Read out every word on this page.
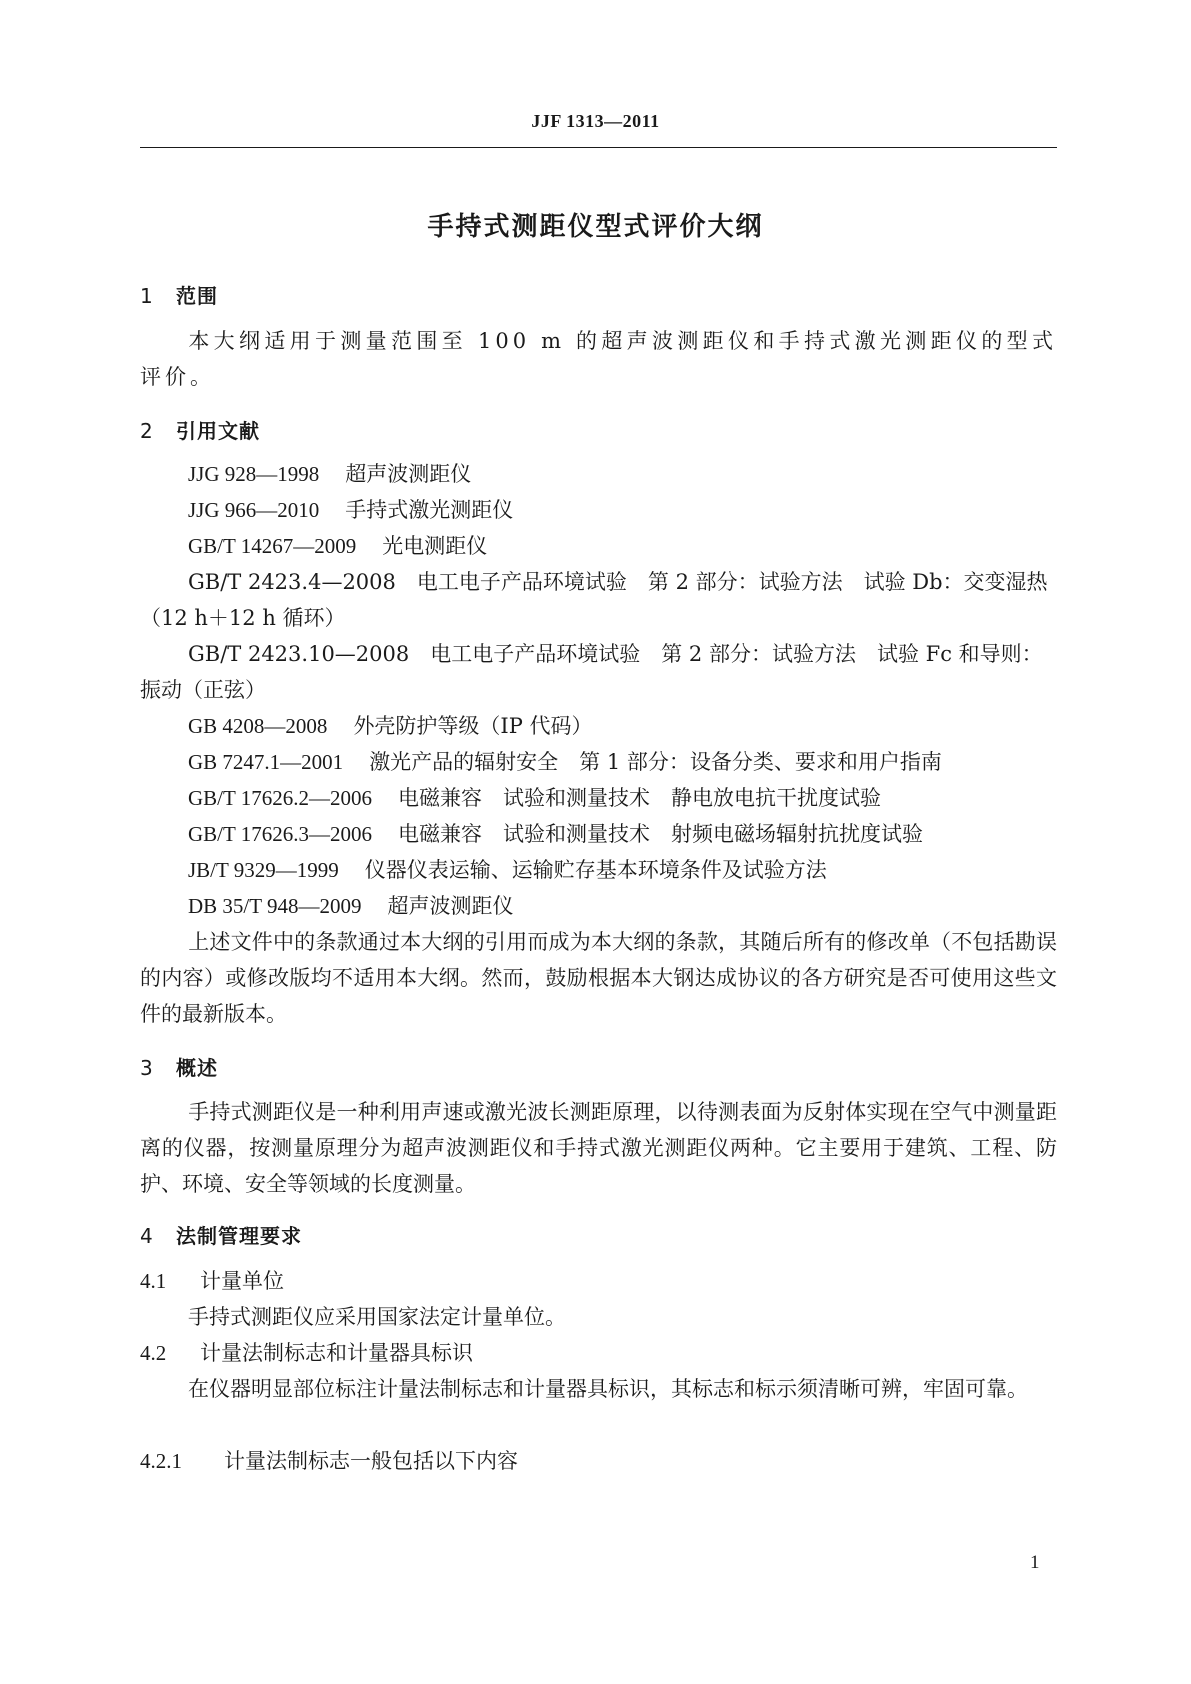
JJF 1313—2011
手持式测距仪型式评价大纲
1 范围
本大纲适用于测量范围至 100 m 的超声波测距仪和手持式激光测距仪的型式评价。
2 引用文献
JJG 928—1998 超声波测距仪
JJG 966—2010 手持式激光测距仪
GB/T 14267—2009 光电测距仪
GB/T 2423.4—2008　 电工电子产品环境试验　第 2 部分：试验方法　试验 Db：交变湿热（12 h＋12 h 循环）
GB/T 2423.10—2008　 电工电子产品环境试验　第 2 部分：试验方法　试验 Fc 和导则：振动（正弦）
GB 4208—2008 外壳防护等级（IP 代码）
GB 7247.1—2001 激光产品的辐射安全　第 1 部分：设备分类、要求和用户指南
GB/T 17626.2—2006 电磁兼容　试验和测量技术　静电放电抗干扰度试验
GB/T 17626.3—2006 电磁兼容　试验和测量技术　射频电磁场辐射抗扰度试验
JB/T 9329—1999 仪器仪表运输、运输贮存基本环境条件及试验方法
DB 35/T 948—2009 超声波测距仪
上述文件中的条款通过本大纲的引用而成为本大纲的条款，其随后所有的修改单（不包括勘误的内容）或修改版均不适用本大纲。然而，鼓励根据本大钢达成协议的各方研究是否可使用这些文件的最新版本。
3 概述
手持式测距仪是一种利用声速或激光波长测距原理，以待测表面为反射体实现在空气中测量距离的仪器，按测量原理分为超声波测距仪和手持式激光测距仪两种。它主要用于建筑、工程、防护、环境、安全等领域的长度测量。
4 法制管理要求
4.1 计量单位
手持式测距仪应采用国家法定计量单位。
4.2 计量法制标志和计量器具标识
在仪器明显部位标注计量法制标志和计量器具标识，其标志和标示须清晰可辨，牢固可靠。
4.2.1 计量法制标志一般包括以下内容
1
